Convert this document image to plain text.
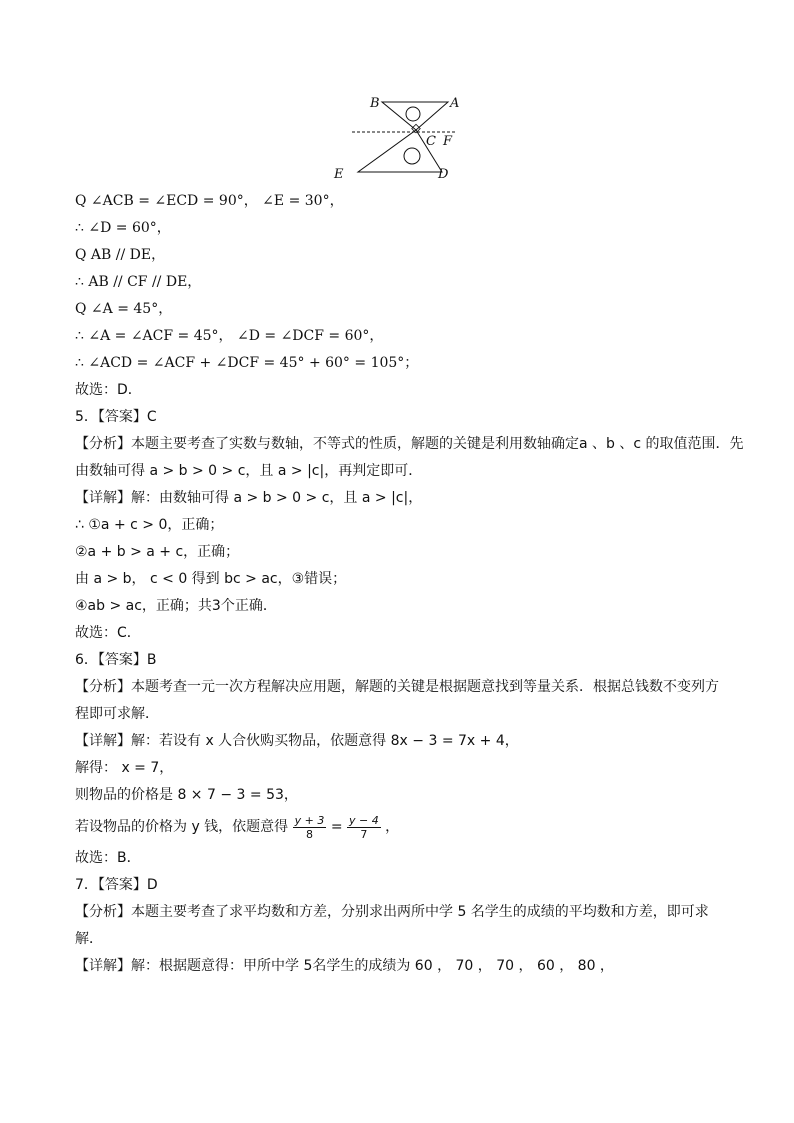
B	A
C F
E	D
Q ∠ACB = ∠ECD = 90°， ∠E = 30°，
∴ ∠D = 60°，
Q AB // DE，
∴ AB // CF // DE，
Q ∠A = 45°，
∴ ∠A = ∠ACF = 45°， ∠D = ∠DCF = 60°，
∴ ∠ACD = ∠ACF + ∠DCF = 45° + 60° = 105°；
故选：D．
5．【答案】C
【分析】本题主要考查了实数与数轴，不等式的性质，解题的关键是利用数轴确定a 、b 、c 的取值范围．先
由数轴可得 a > b > 0 > c，且 a > |c|，再判定即可．
【详解】解：由数轴可得 a > b > 0 > c，且 a > |c|，
∴ ①a + c > 0，正确；
②a + b > a + c，正确；
由 a > b， c < 0 得到 bc > ac，③错误；
④ab > ac，正确；共3个正确．
故选：C．
6．【答案】B
【分析】本题考查一元一次方程解决应用题，解题的关键是根据题意找到等量关系．根据总钱数不变列方
程即可求解．
【详解】解：若设有 x 人合伙购买物品，依题意得 8x − 3 = 7x + 4，
解得： x = 7，
则物品的价格是 8 × 7 − 3 = 53，
若设物品的价格为 y 钱，依题意得 $\frac{y + 3}{8} = \frac{y - 4}{7}$ ，
故选：B．
7．【答案】D
【分析】本题主要考查了求平均数和方差，分别求出两所中学 5 名学生的成绩的平均数和方差，即可求
解．
【详解】解：根据题意得：甲所中学 5名学生的成绩为 60 ， 70 ， 70 ， 60 ， 80 ，
